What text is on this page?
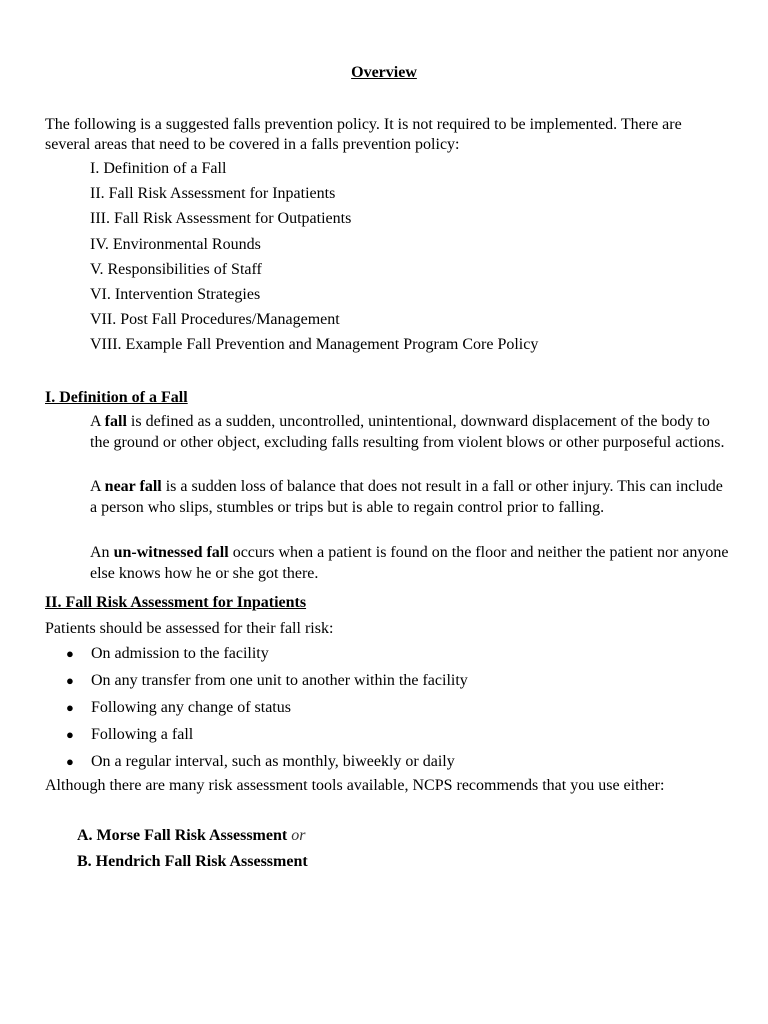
Overview
The following is a suggested falls prevention policy. It is not required to be implemented. There are several areas that need to be covered in a falls prevention policy:
I. Definition of a Fall
II. Fall Risk Assessment for Inpatients
III. Fall Risk Assessment for Outpatients
IV. Environmental Rounds
V. Responsibilities of Staff
VI. Intervention Strategies
VII. Post Fall Procedures/Management
VIII. Example Fall Prevention and Management Program Core Policy
I. Definition of a Fall
A fall is defined as a sudden, uncontrolled, unintentional, downward displacement of the body to the ground or other object, excluding falls resulting from violent blows or other purposeful actions.
A near fall is a sudden loss of balance that does not result in a fall or other injury. This can include a person who slips, stumbles or trips but is able to regain control prior to falling.
An un-witnessed fall occurs when a patient is found on the floor and neither the patient nor anyone else knows how he or she got there.
II. Fall Risk Assessment for Inpatients
Patients should be assessed for their fall risk:
●	On admission to the facility
●	On any transfer from one unit to another within the facility
●	Following any change of status
●	Following a fall
●	On a regular interval, such as monthly, biweekly or daily
Although there are many risk assessment tools available, NCPS recommends that you use either:
A. Morse Fall Risk Assessment or
B. Hendrich Fall Risk Assessment
